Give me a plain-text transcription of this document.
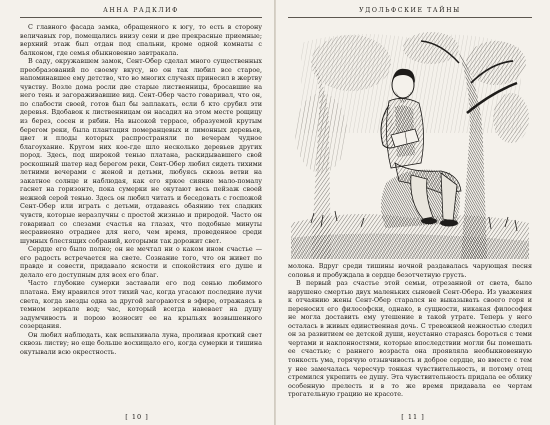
АННА РАДКЛИФ

С главного фасада замка, обращенного к югу, то есть в сторону величавых гор, помещались внизу сени и две прекрасные приемные; верхний этаж был отдан под спальни, кроме одной комнаты с балконом, где семья обыкновенно завтракала.

В саду, окружавшем замок, Сент-Обер сделал много существенных преобразований по своему вкусу, но он так любил все старое, напоминавшее ему детство, что во многих случаях принесил в жертву чувству. Возле дома росли две старые лиственницы, бросавшие на него тень и загораживавшие вид. Сент-Обер часто говаривал, что он, по слабости своей, готов был бы заплакать, если б кто срубил эти деревья. Вдобавок к лиственницам он насадил на этом месте рощицу из берез, сосен и рябин. На высокой террасе, образуемой крутым берегом реки, была плантация померанцевых и лимонных деревьев, цвет и плоды которых распространяли по вечерам чудное благоухание. Кругом них кое-где шло несколько деревьев других пород. Здесь, под широкой тенью платана, раскидывавшего свой роскошный шатер над берегом реки, Сент-Обер любил сидеть тихими летними вечерами с женой и детьми, любуясь сквозь ветви на закатное солнце и наблюдая, как его яркое сияние мало-помалу гаснет на горизонте, пока сумерки не окутают весь пейзаж своей нежной серой тенью. Здесь он любил читать и беседовать с госпожой Сент-Обер или играть с детьми, отдаваясь обаянию тех сладких чувств, которые неразлучны с простой жизнью и природой. Часто он говаривал со слезами счастья на глазах, что подобные минуты несравненно отраднее для него, чем время, проведенное среди шумных блестящих собраний, которыми так дорожит свет.

Сердце его было полно; он не мечтал ни о каком ином счастье — его радость встречается на свете. Сознание того, что он живет по правде и совести, придавало ясности и спокойствия его душе и делало его доступным для всех его благ.

Часто глубокие сумерки заставали его под сенью любимого платана. Ему нравился этот тихий час, когда угасают последние лучи света, когда звезды одна за другой загораются в эфире, отражаясь в темном зеркале вод; час, который всегда навевает на душу задумчивость и порою возносит ее на крыльях возвышенного созерцания.

Он любил наблюдать, как вспыхивала луна, проливая кроткий свет сквозь листву; но еще больше восхищало его, когда сумерки и тишина окутывали всю окрестность.

[ 10 ]
УДОЛЬФСКИЕ ТАЙНЫ

молока. Вдруг среди тишины ночной раздавалась чарующая песня соловья и пробуждала в сердце безотчетную грусть.

В первый раз счастье этой семьи, отрезанной от света, было нарушено смертью двух маленьких сыновей Сент-Обера. Из уважения к отчаянию жены Сент-Обер старался не выказывать своего горя и переносил его философски, однако, в сущности, никакая философия не могла доставить ему утешение в такой утрате. Теперь у него осталась в живых единственная дочь. С тревожной нежностью следил он за развитием ее детской души, неустанно стараясь бороться с теми чертами и наклонностями, которые впоследствии могли бы помешать ее счастью; с раннего возраста она проявляла необыкновенную тонкость ума, горячую отзывчивость и доброе сердце, но вместе с тем у нее замечалась чересчур тонкая чувствительность, и потому отец стремился укрепить ее душу. Эта чувствительность придала ее облику особенную прелесть и в то же время придавала ее чертам трогательную грацию не красоте.

[ 11 ]
